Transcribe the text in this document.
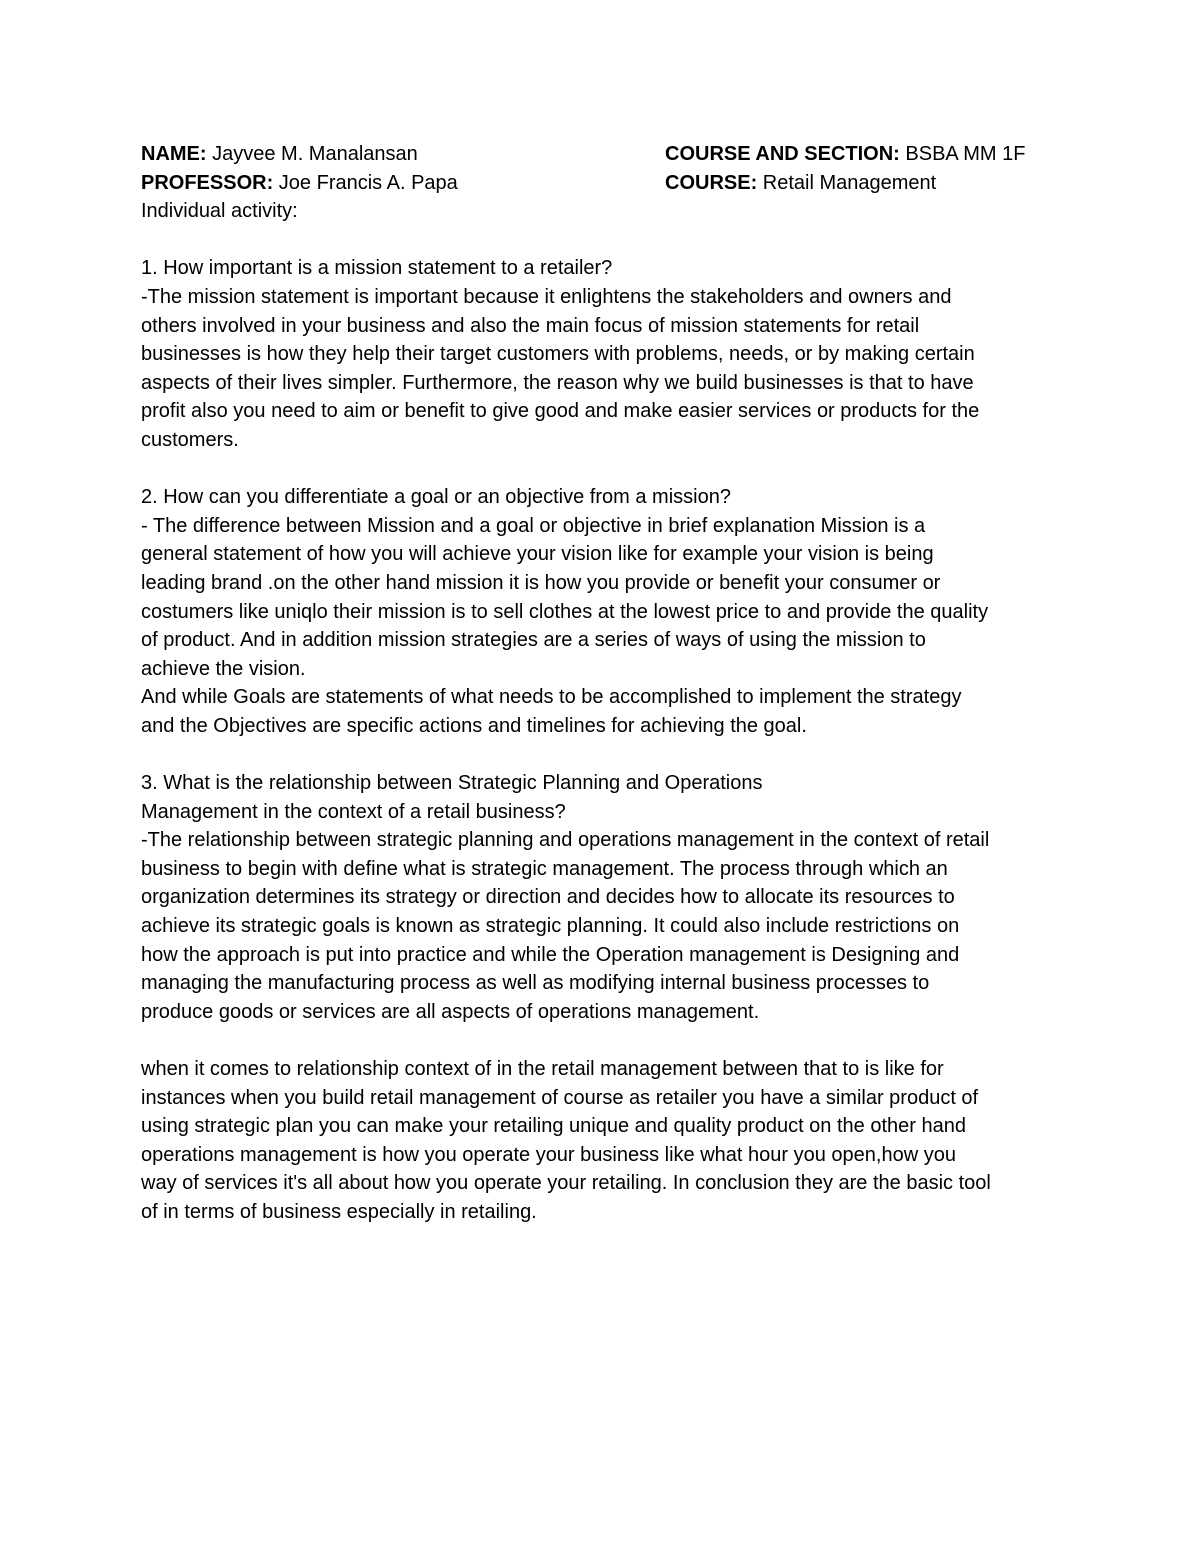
NAME: Jayvee M. Manalansan	COURSE AND SECTION: BSBA MM 1F
PROFESSOR: Joe Francis A. Papa	COURSE: Retail Management
Individual activity:
1. How important is a mission statement to a retailer?
-The mission statement is important because it enlightens the stakeholders and owners and
others involved in your business and also the main focus of mission statements for retail
businesses is how they help their target customers with problems, needs, or by making certain
aspects of their lives simpler. Furthermore, the reason why we build businesses is that to have
profit also you need to aim or benefit to give good and make easier services or products for the
customers.
2. How can you differentiate a goal or an objective from a mission?
- The difference between Mission and a goal or objective in brief explanation Mission is a
general statement of how you will achieve your vision like for example your vision is being
leading brand .on the other hand mission it is how you provide or benefit your consumer or
costumers like uniqlo their mission is to sell clothes at the lowest price to and provide the quality
of product. And in addition mission strategies are a series of ways of using the mission to
achieve the vision.
And while Goals are statements of what needs to be accomplished to implement the strategy
and the Objectives are specific actions and timelines for achieving the goal.
3. What is the relationship between Strategic Planning and Operations
Management in the context of a retail business?
-The relationship between strategic planning and operations management in the context of retail
business to begin with define what is strategic management. The process through which an
organization determines its strategy or direction and decides how to allocate its resources to
achieve its strategic goals is known as strategic planning. It could also include restrictions on
how the approach is put into practice and while the Operation management is Designing and
managing the manufacturing process as well as modifying internal business processes to
produce goods or services are all aspects of operations management.
when it comes to relationship context of in the retail management between that to is like for
instances when you build retail management of course as retailer you have a similar product of
using strategic plan you can make your retailing unique and quality product on the other hand
operations management is how you operate your business like what hour you open,how you
way of services it's all about how you operate your retailing. In conclusion they are the basic tool
of in terms of business especially in retailing.
